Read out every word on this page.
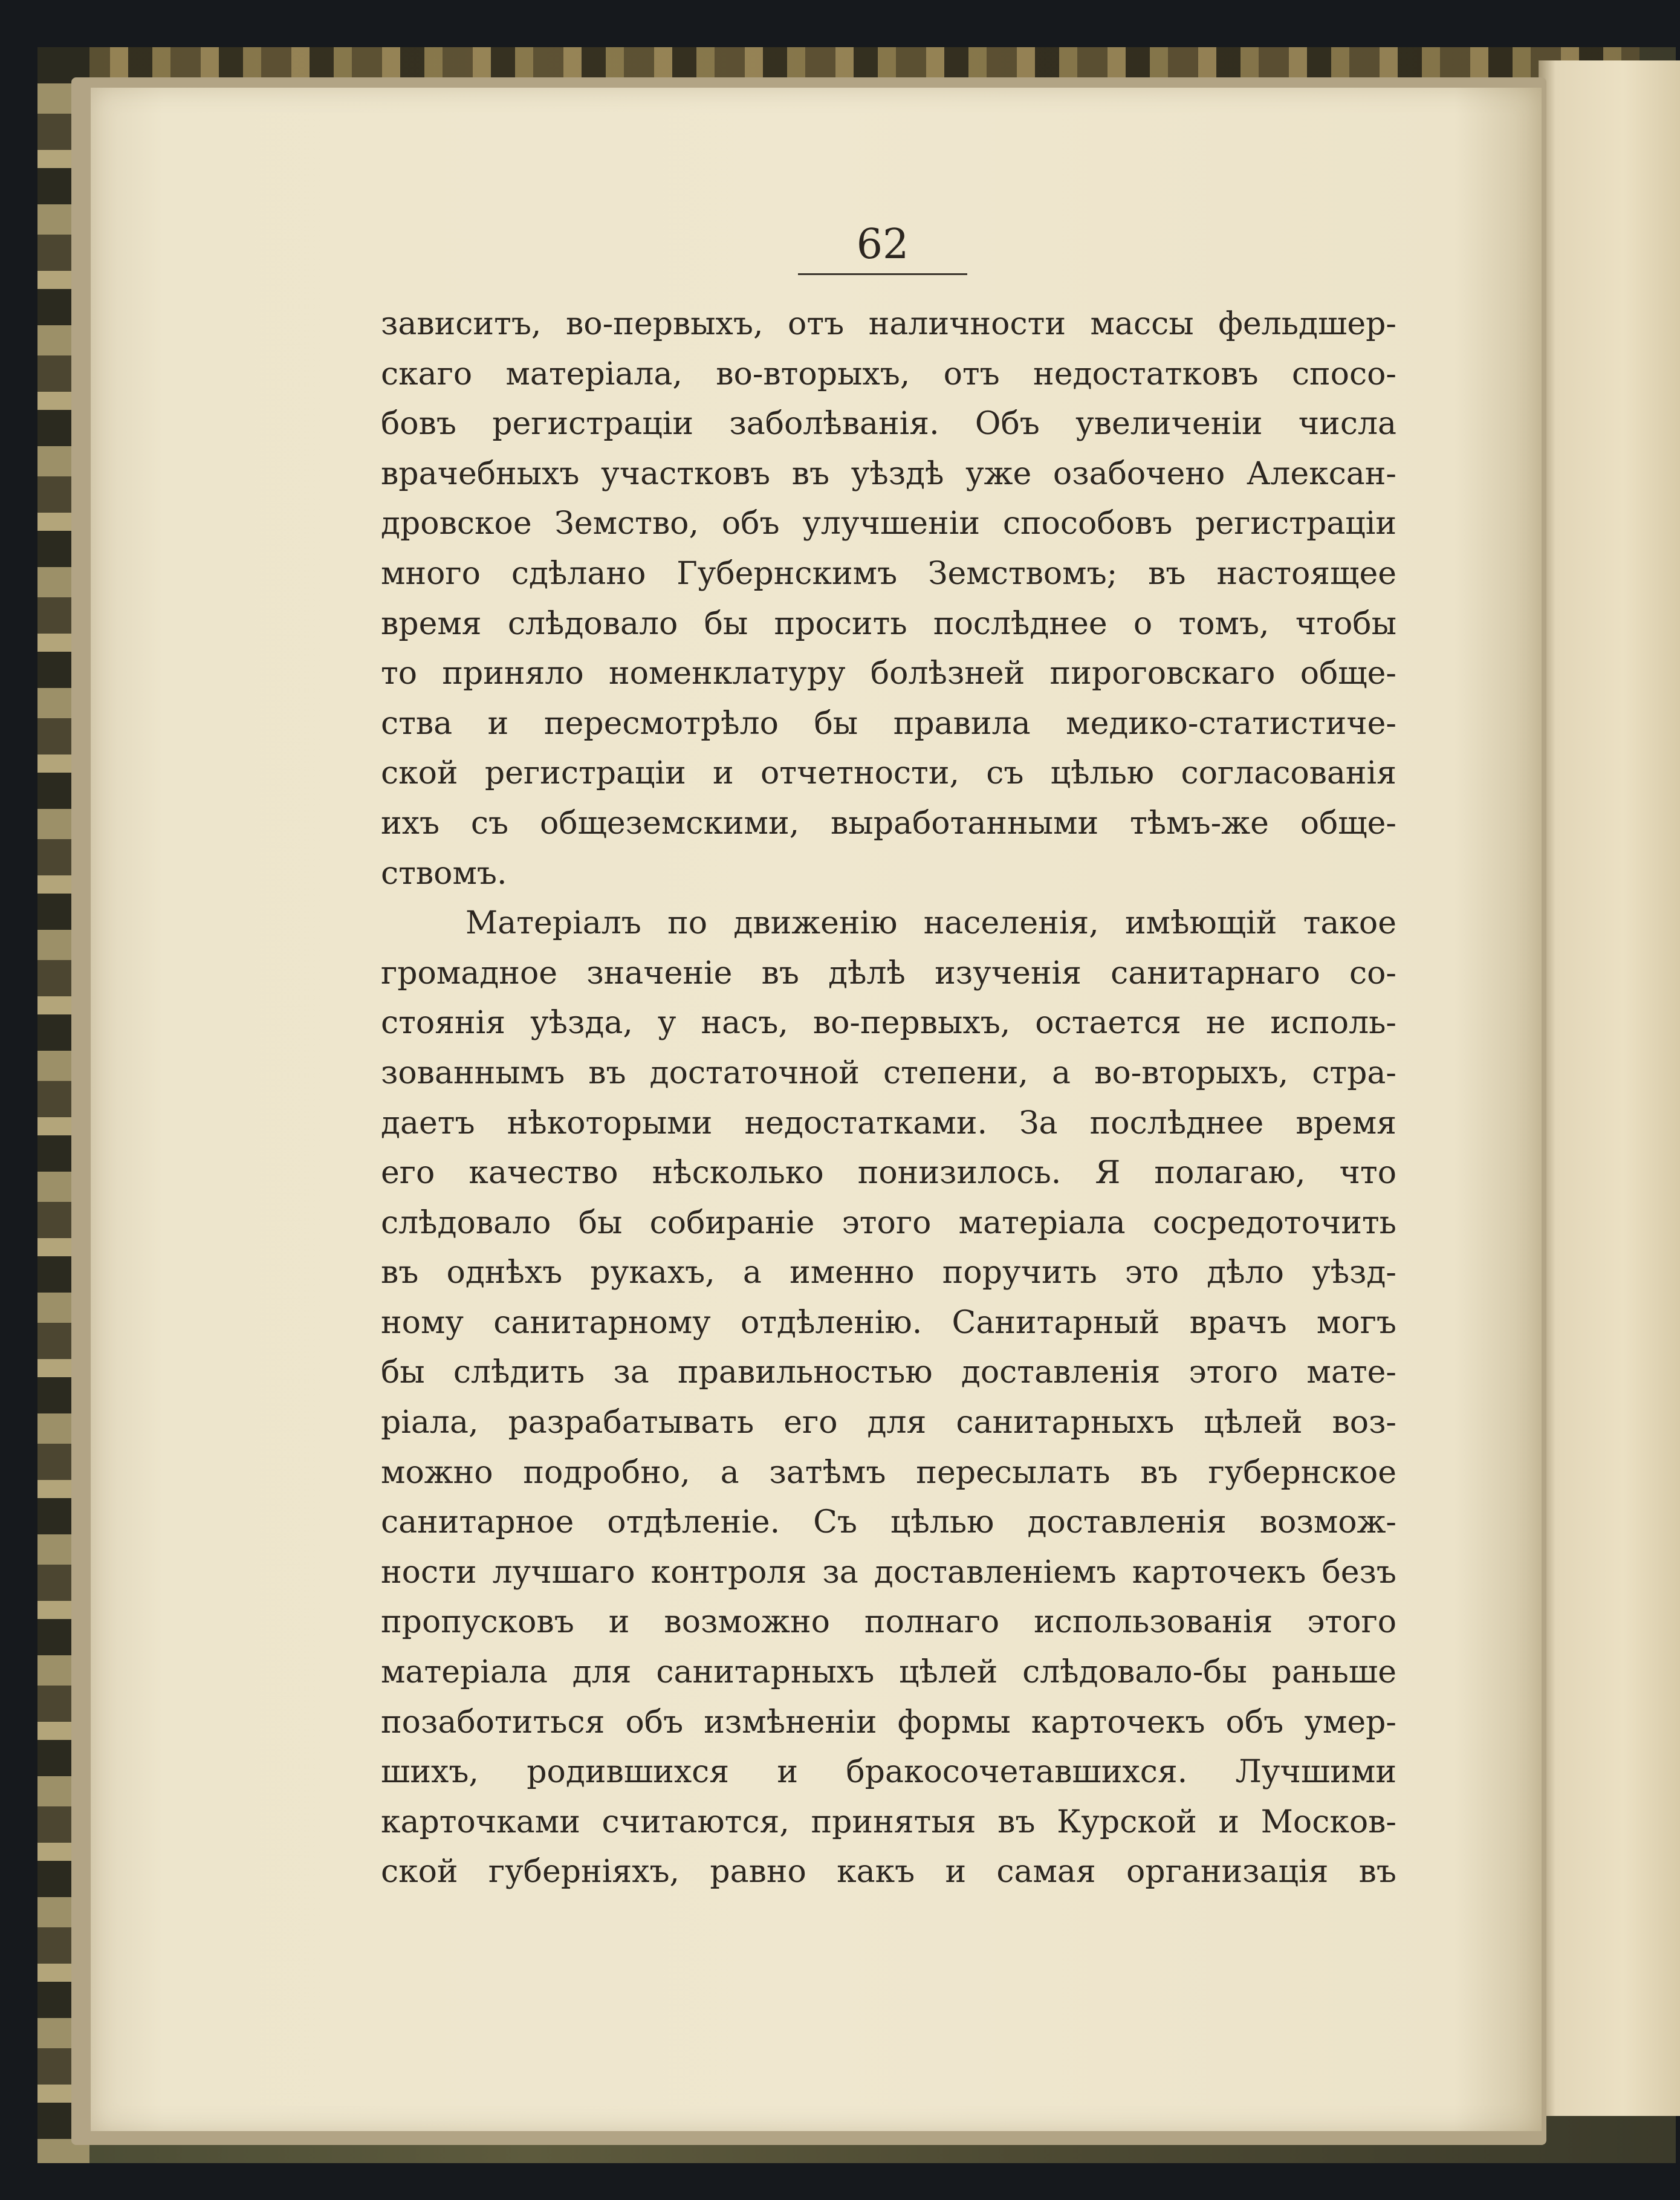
62
зависитъ, во-первыхъ, отъ наличности массы фельдшер-
скаго матеріала, во-вторыхъ, отъ недостатковъ спосо-
бовъ регистраціи заболѣванія. Объ увеличеніи числа
врачебныхъ участковъ въ уѣздѣ уже озабочено Алексан-
дровское Земство, объ улучшеніи способовъ регистраціи
много сдѣлано Губернскимъ Земствомъ; въ настоящее
время слѣдовало бы просить послѣднее о томъ, чтобы
то приняло номенклатуру болѣзней пироговскаго обще-
ства и пересмотрѣло бы правила медико-статистиче-
ской регистраціи и отчетности, съ цѣлью согласованія
ихъ съ общеземскими, выработанными тѣмъ-же обще-
ствомъ.
Матеріалъ по движенію населенія, имѣющій такое
громадное значеніе въ дѣлѣ изученія санитарнаго со-
стоянія уѣзда, у насъ, во-первыхъ, остается не исполь-
зованнымъ въ достаточной степени, а во-вторыхъ, стра-
даетъ нѣкоторыми недостатками. За послѣднее время
его качество нѣсколько понизилось. Я полагаю, что
слѣдовало бы собираніе этого матеріала сосредоточить
въ однѣхъ рукахъ, а именно поручить это дѣло уѣзд-
ному санитарному отдѣленію. Санитарный врачъ могъ
бы слѣдить за правильностью доставленія этого мате-
ріала, разрабатывать его для санитарныхъ цѣлей воз-
можно подробно, а затѣмъ пересылать въ губернское
санитарное отдѣленіе. Съ цѣлью доставленія возмож-
ности лучшаго контроля за доставленіемъ карточекъ безъ
пропусковъ и возможно полнаго использованія этого
матеріала для санитарныхъ цѣлей слѣдовало-бы раньше
позаботиться объ измѣненіи формы карточекъ объ умер-
шихъ, родившихся и бракосочетавшихся. Лучшими
карточками считаются, принятыя въ Курской и Москов-
ской губерніяхъ, равно какъ и самая организація въ
